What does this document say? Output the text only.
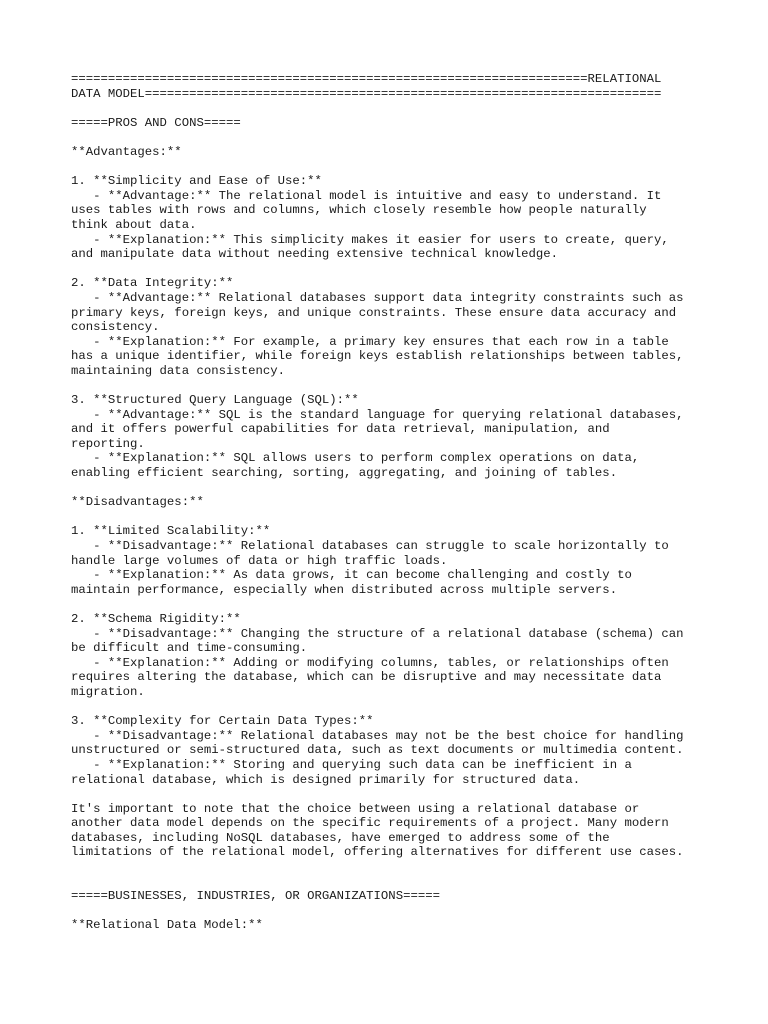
======================================================================RELATIONAL
DATA MODEL======================================================================
=====PROS AND CONS=====
**Advantages:**
1. **Simplicity and Ease of Use:**
- **Advantage:** The relational model is intuitive and easy to understand. It
uses tables with rows and columns, which closely resemble how people naturally
think about data.
- **Explanation:** This simplicity makes it easier for users to create, query,
and manipulate data without needing extensive technical knowledge.
2. **Data Integrity:**
- **Advantage:** Relational databases support data integrity constraints such as
primary keys, foreign keys, and unique constraints. These ensure data accuracy and
consistency.
- **Explanation:** For example, a primary key ensures that each row in a table
has a unique identifier, while foreign keys establish relationships between tables,
maintaining data consistency.
3. **Structured Query Language (SQL):**
- **Advantage:** SQL is the standard language for querying relational databases,
and it offers powerful capabilities for data retrieval, manipulation, and
reporting.
- **Explanation:** SQL allows users to perform complex operations on data,
enabling efficient searching, sorting, aggregating, and joining of tables.
**Disadvantages:**
1. **Limited Scalability:**
- **Disadvantage:** Relational databases can struggle to scale horizontally to
handle large volumes of data or high traffic loads.
- **Explanation:** As data grows, it can become challenging and costly to
maintain performance, especially when distributed across multiple servers.
2. **Schema Rigidity:**
- **Disadvantage:** Changing the structure of a relational database (schema) can
be difficult and time-consuming.
- **Explanation:** Adding or modifying columns, tables, or relationships often
requires altering the database, which can be disruptive and may necessitate data
migration.
3. **Complexity for Certain Data Types:**
- **Disadvantage:** Relational databases may not be the best choice for handling
unstructured or semi-structured data, such as text documents or multimedia content.
- **Explanation:** Storing and querying such data can be inefficient in a
relational database, which is designed primarily for structured data.
It's important to note that the choice between using a relational database or
another data model depends on the specific requirements of a project. Many modern
databases, including NoSQL databases, have emerged to address some of the
limitations of the relational model, offering alternatives for different use cases.
=====BUSINESSES, INDUSTRIES, OR ORGANIZATIONS=====
**Relational Data Model:**
